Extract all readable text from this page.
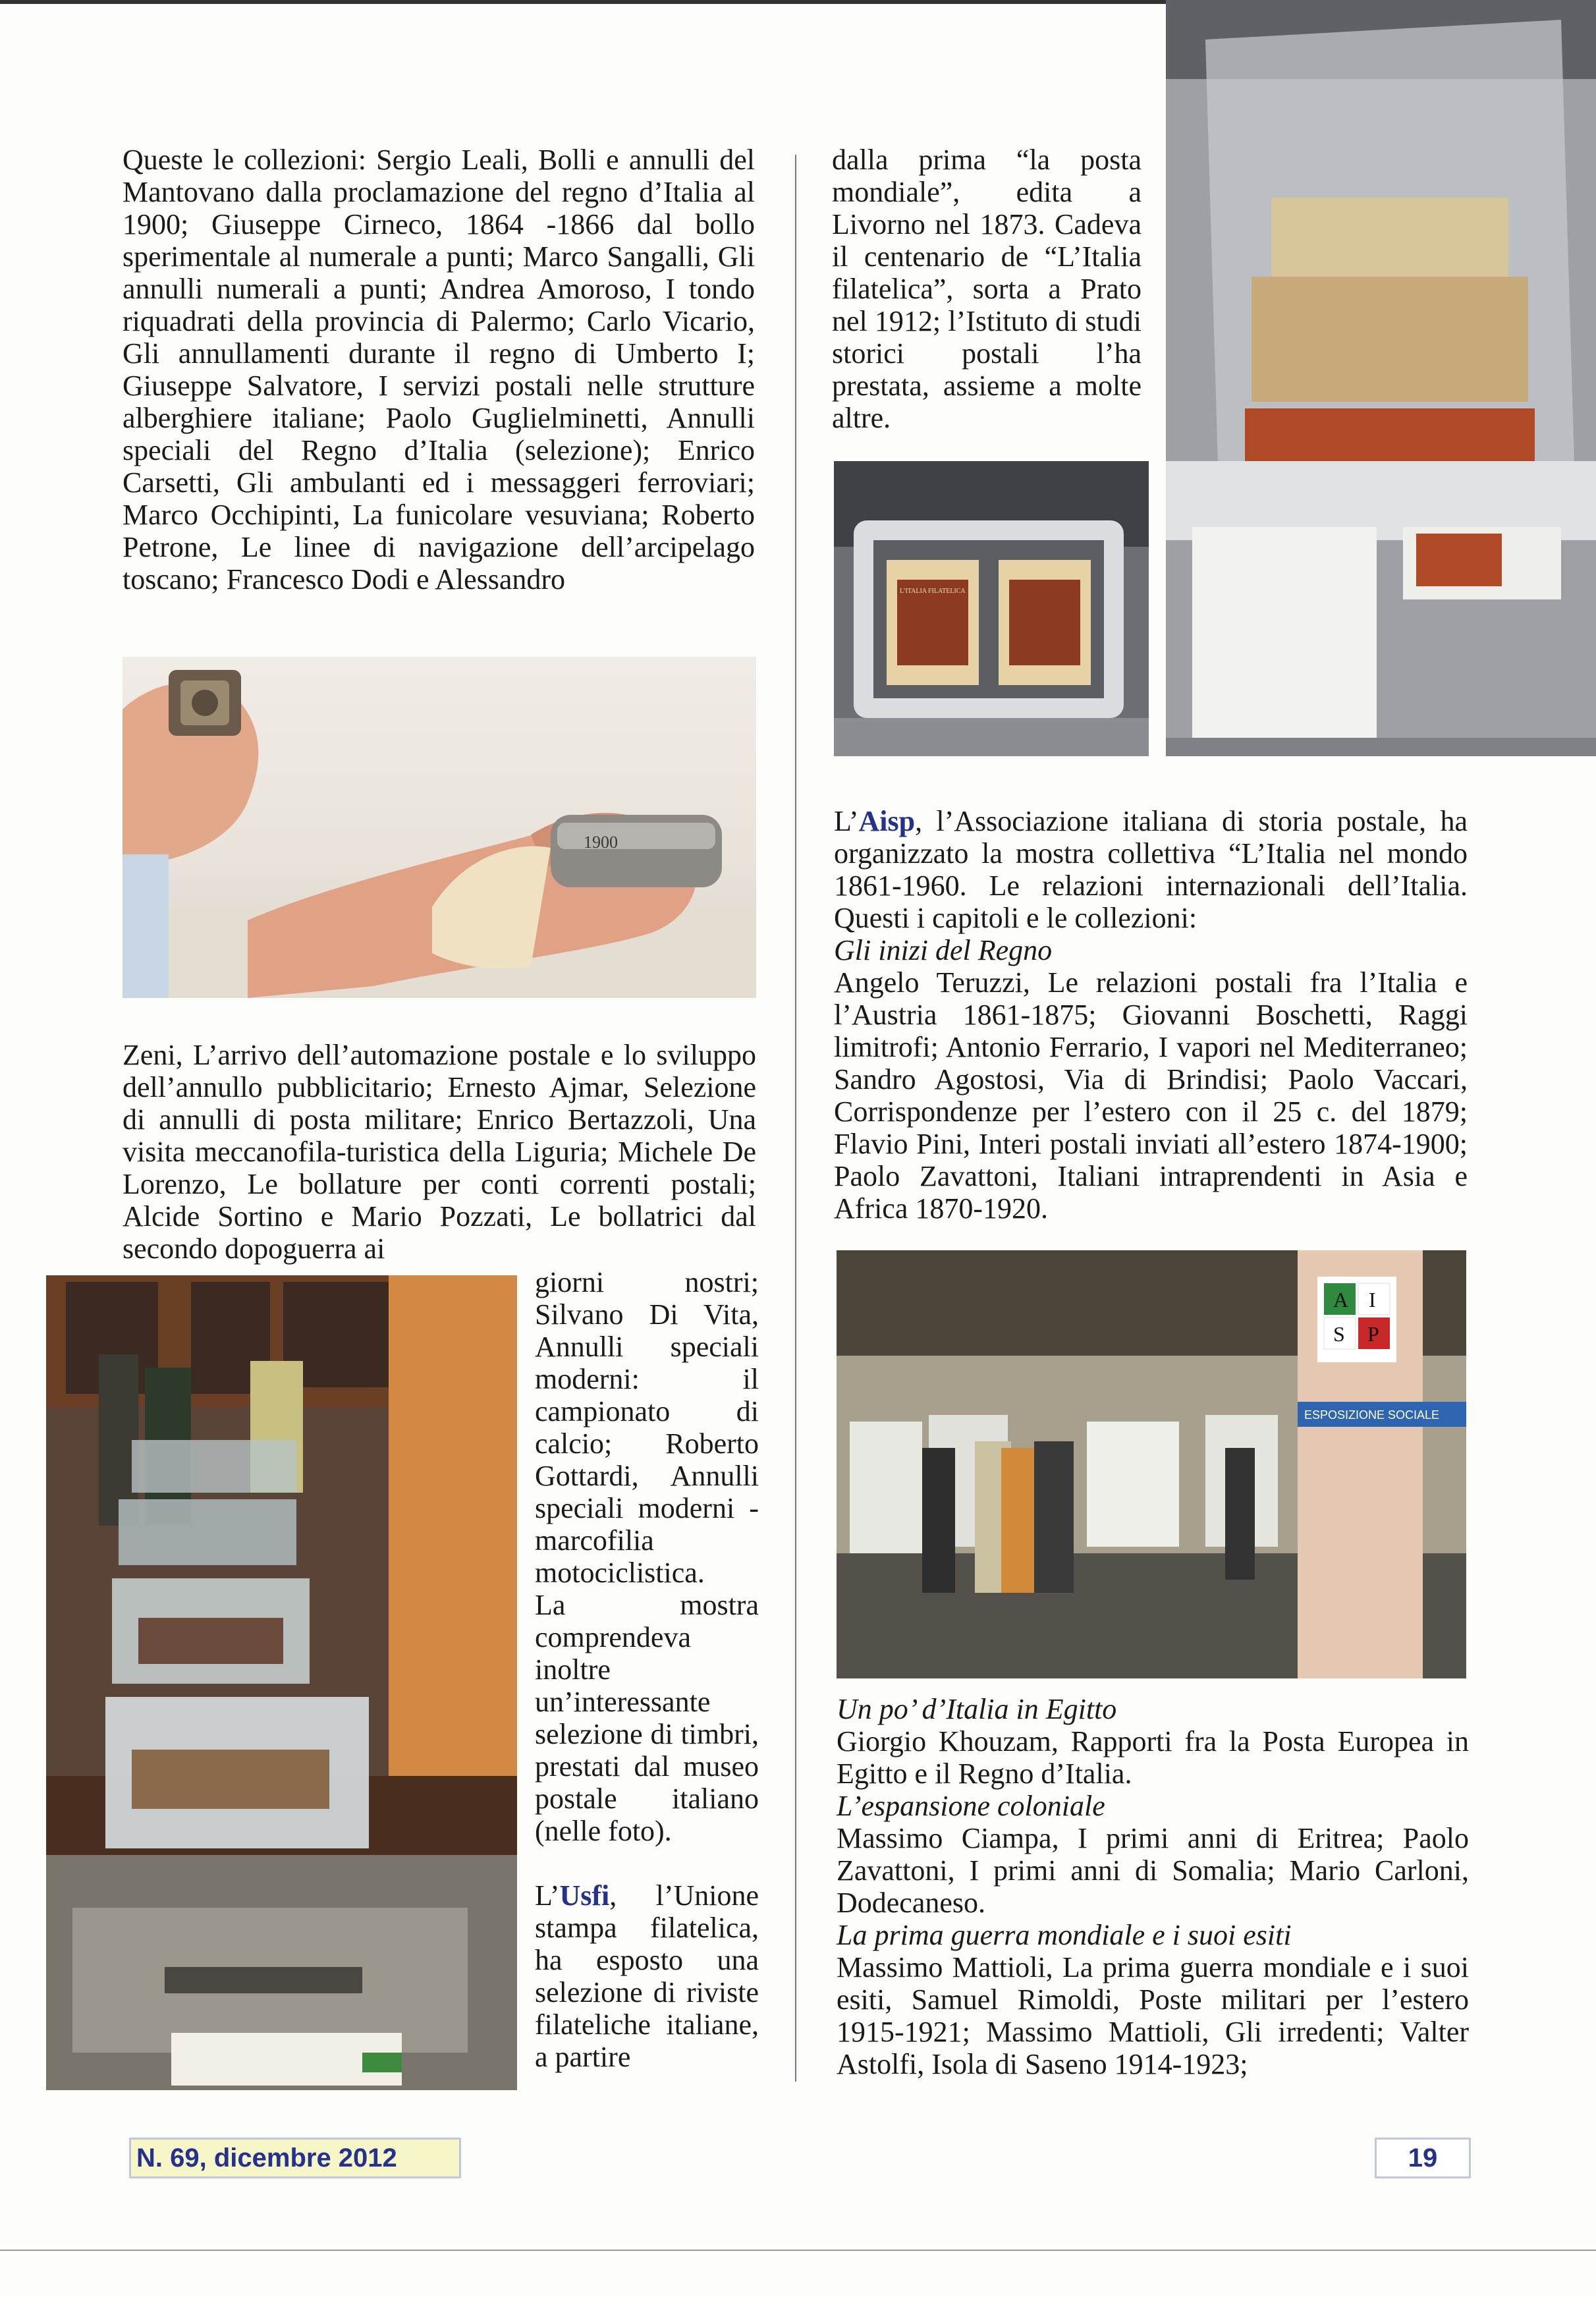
Queste le collezioni: Sergio Leali, Bolli e annulli del Mantovano dalla proclamazione del regno d’Italia al 1900; Giuseppe Cirneco, 1864 -1866 dal bollo sperimentale al numerale a punti; Marco Sangalli, Gli annulli numerali a punti; Andrea Amoroso, I tondo riquadrati della provincia di Palermo; Carlo Vicario, Gli annullamenti durante il regno di Umberto I; Giuseppe Salvatore, I servizi postali nelle strutture alberghiere italiane; Paolo Guglielminetti, Annulli speciali del Regno d’Italia (selezione); Enrico Carsetti, Gli ambulanti ed i messaggeri ferroviari; Marco Occhipinti, La funicolare vesuviana; Roberto Petrone, Le linee di navigazione dell’arcipelago toscano; Francesco Dodi e Alessandro

1900

Zeni, L’arrivo dell’automazione postale e lo sviluppo dell’annullo pubblicitario; Ernesto Ajmar, Selezione di annulli di posta militare; Enrico Bertazzoli, Una visita meccanofila-turistica della Liguria; Michele De Lorenzo, Le bollature per conti correnti postali; Alcide Sortino e Mario Pozzati, Le bollatrici dal secondo dopoguerra ai

giorni nostri; Silvano Di Vita, Annulli speciali moderni: il campionato di calcio; Roberto Gottardi, Annulli speciali moderni - marcofilia motociclistica.

La mostra comprendeva inoltre un’interessante selezione di timbri, prestati dal museo postale italiano (nelle foto).

L’Usfi, l’Unione stampa filatelica, ha esposto una selezione di riviste filateliche italiane, a partire

dalla prima “la posta mondiale”, edita a Livorno nel 1873. Cadeva il centenario de “L’Italia filatelica”, sorta a Prato nel 1912; l’Istituto di studi storici postali l’ha prestata, assieme a molte altre.

L’ITALIA FILATELICA

L’Aisp, l’Associazione italiana di storia postale, ha organizzato la mostra collettiva “L’Italia nel mondo 1861-1960. Le relazioni internazionali dell’Italia. Questi i capitoli e le collezioni:

Gli inizi del Regno

Angelo Teruzzi, Le relazioni postali fra l’Italia e l’Austria 1861-1875; Giovanni Boschetti, Raggi limitrofi; Antonio Ferrario, I vapori nel Mediterraneo; Sandro Agostosi, Via di Brindisi; Paolo Vaccari, Corrispondenze per l’estero con il 25 c. del 1879; Flavio Pini, Interi postali inviati all’estero 1874-1900; Paolo Zavattoni, Italiani intraprendenti in Asia e Africa 1870-1920.

ESPOSIZIONE SOCIALE
A I
S P

Un po’ d’Italia in Egitto

Giorgio Khouzam, Rapporti fra la Posta Europea in Egitto e il Regno d’Italia.

L’espansione coloniale

Massimo Ciampa, I primi anni di Eritrea; Paolo Zavattoni, I primi anni di Somalia; Mario Carloni, Dodecaneso.

La prima guerra mondiale e i suoi esiti

Massimo Mattioli, La prima guerra mondiale e i suoi esiti, Samuel Rimoldi, Poste militari per l’estero 1915-1921; Massimo Mattioli, Gli irredenti; Valter Astolfi, Isola di Saseno 1914-1923;

N. 69, dicembre 2012	19
